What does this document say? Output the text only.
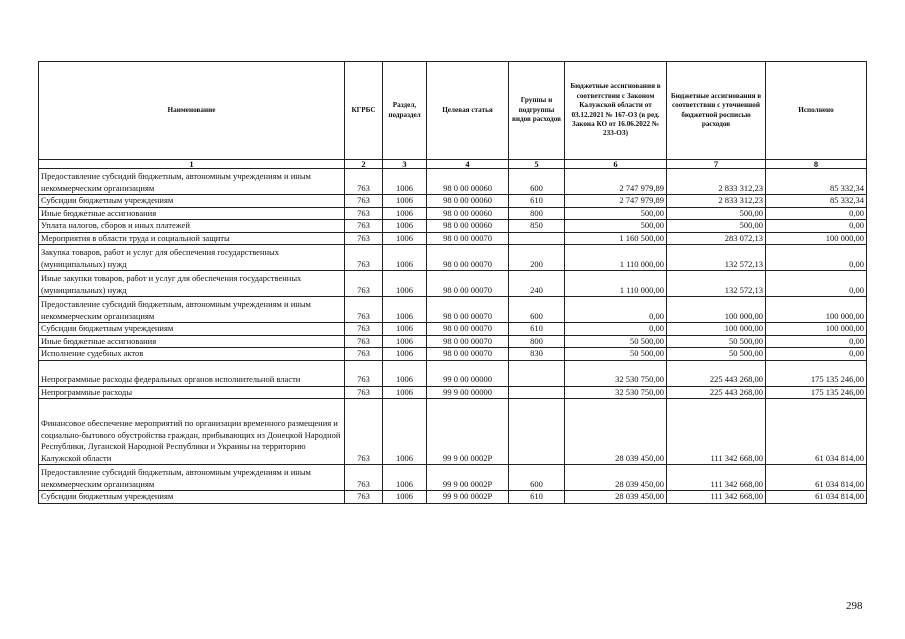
Наименование	КГРБС	Раздел, подраздел	Целевая статья	Группы и подгруппы видов расходов	Бюджетные ассигнования в соответствии с Законом Калужской области от 03.12.2021 № 167-ОЗ (в ред. Закона КО от 16.06.2022 № 233-ОЗ)	Бюджетные ассигнования в соответствии с уточненной бюджетной росписью расходов	Исполнено
1	2	3	4	5	6	7	8
Предоставление субсидий бюджетным, автономным учреждениям и иным некоммерческим организациям	763	1006	98 0 00 00060	600	2 747 979,89	2 833 312,23	85 332,34
Субсидии бюджетным учреждениям	763	1006	98 0 00 00060	610	2 747 979,89	2 833 312,23	85 332,34
Иные бюджетные ассигнования	763	1006	98 0 00 00060	800	500,00	500,00	0,00
Уплата налогов, сборов и иных платежей	763	1006	98 0 00 00060	850	500,00	500,00	0,00
Мероприятия в области труда и социальной защиты	763	1006	98 0 00 00070		1 160 500,00	283 072,13	100 000,00
Закупка товаров, работ и услуг для обеспечения государственных (муниципальных) нужд	763	1006	98 0 00 00070	200	1 110 000,00	132 572,13	0,00
Иные закупки товаров, работ и услуг для обеспечения государственных (муниципальных) нужд	763	1006	98 0 00 00070	240	1 110 000,00	132 572,13	0,00
Предоставление субсидий бюджетным, автономным учреждениям и иным некоммерческим организациям	763	1006	98 0 00 00070	600	0,00	100 000,00	100 000,00
Субсидии бюджетным учреждениям	763	1006	98 0 00 00070	610	0,00	100 000,00	100 000,00
Иные бюджетные ассигнования	763	1006	98 0 00 00070	800	50 500,00	50 500,00	0,00
Исполнение судебных актов	763	1006	98 0 00 00070	830	50 500,00	50 500,00	0,00
Непрограммные расходы федеральных органов исполнительной власти	763	1006	99 0 00 00000		32 530 750,00	225 443 268,00	175 135 246,00
Непрограммные расходы	763	1006	99 9 00 00000		32 530 750,00	225 443 268,00	175 135 246,00
Финансовое обеспечение мероприятий по организации временного размещения и социально-бытового обустройства граждан, прибывающих из Донецкой Народной Республики, Луганской Народной Республики и Украины на территорию Калужской области	763	1006	99 9 00 0002Р		28 039 450,00	111 342 668,00	61 034 814,00
Предоставление субсидий бюджетным, автономным учреждениям и иным некоммерческим организациям	763	1006	99 9 00 0002Р	600	28 039 450,00	111 342 668,00	61 034 814,00
Субсидии бюджетным учреждениям	763	1006	99 9 00 0002Р	610	28 039 450,00	111 342 668,00	61 034 814,00
298
